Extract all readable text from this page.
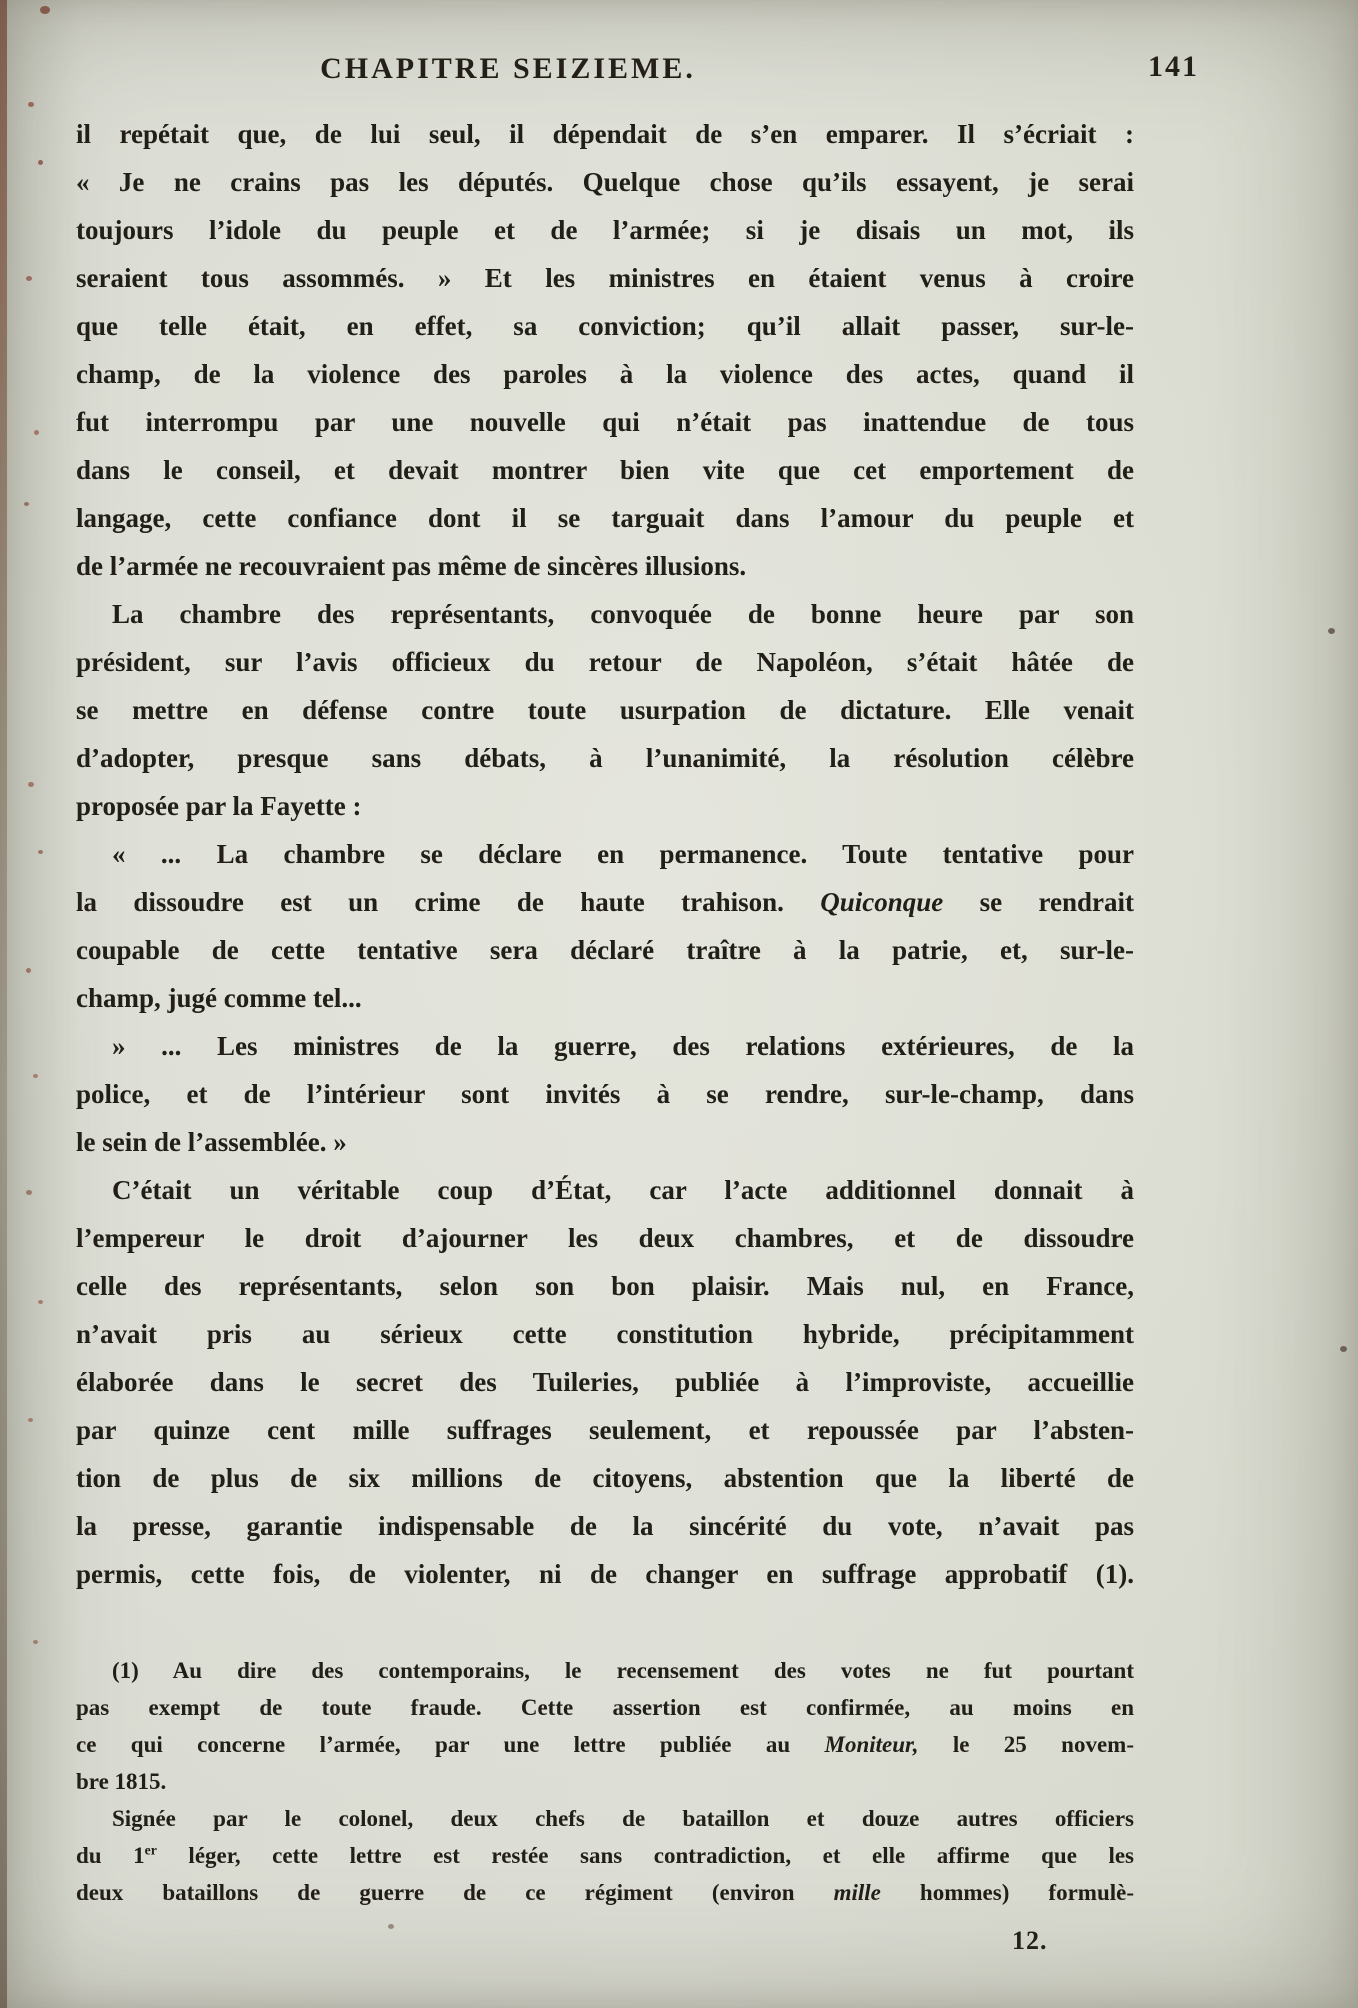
CHAPITRE SEIZIEME.	141
il repétait que, de lui seul, il dépendait de s’en emparer. Il s’écriait :
« Je ne crains pas les députés. Quelque chose qu’ils essayent, je serai
toujours l’idole du peuple et de l’armée; si je disais un mot, ils
seraient tous assommés. » Et les ministres en étaient venus à croire
que telle était, en effet, sa conviction; qu’il allait passer, sur-le-
champ, de la violence des paroles à la violence des actes, quand il
fut interrompu par une nouvelle qui n’était pas inattendue de tous
dans le conseil, et devait montrer bien vite que cet emportement de
langage, cette confiance dont il se targuait dans l’amour du peuple et
de l’armée ne recouvraient pas même de sincères illusions.
La chambre des représentants, convoquée de bonne heure par son
président, sur l’avis officieux du retour de Napoléon, s’était hâtée de
se mettre en défense contre toute usurpation de dictature. Elle venait
d’adopter, presque sans débats, à l’unanimité, la résolution célèbre
proposée par la Fayette :
« ... La chambre se déclare en permanence. Toute tentative pour
la dissoudre est un crime de haute trahison. Quiconque se rendrait
coupable de cette tentative sera déclaré traître à la patrie, et, sur-le-
champ, jugé comme tel...
» ... Les ministres de la guerre, des relations extérieures, de la
police, et de l’intérieur sont invités à se rendre, sur-le-champ, dans
le sein de l’assemblée. »
C’était un véritable coup d’État, car l’acte additionnel donnait à
l’empereur le droit d’ajourner les deux chambres, et de dissoudre
celle des représentants, selon son bon plaisir. Mais nul, en France,
n’avait pris au sérieux cette constitution hybride, précipitamment
élaborée dans le secret des Tuileries, publiée à l’improviste, accueillie
par quinze cent mille suffrages seulement, et repoussée par l’absten-
tion de plus de six millions de citoyens, abstention que la liberté de
la presse, garantie indispensable de la sincérité du vote, n’avait pas
permis, cette fois, de violenter, ni de changer en suffrage approbatif (1).
(1) Au dire des contemporains, le recensement des votes ne fut pourtant
pas exempt de toute fraude. Cette assertion est confirmée, au moins en
ce qui concerne l’armée, par une lettre publiée au Moniteur, le 25 novem-
bre 1815.
Signée par le colonel, deux chefs de bataillon et douze autres officiers
du 1er léger, cette lettre est restée sans contradiction, et elle affirme que les
deux bataillons de guerre de ce régiment (environ mille hommes) formulè-
12.
